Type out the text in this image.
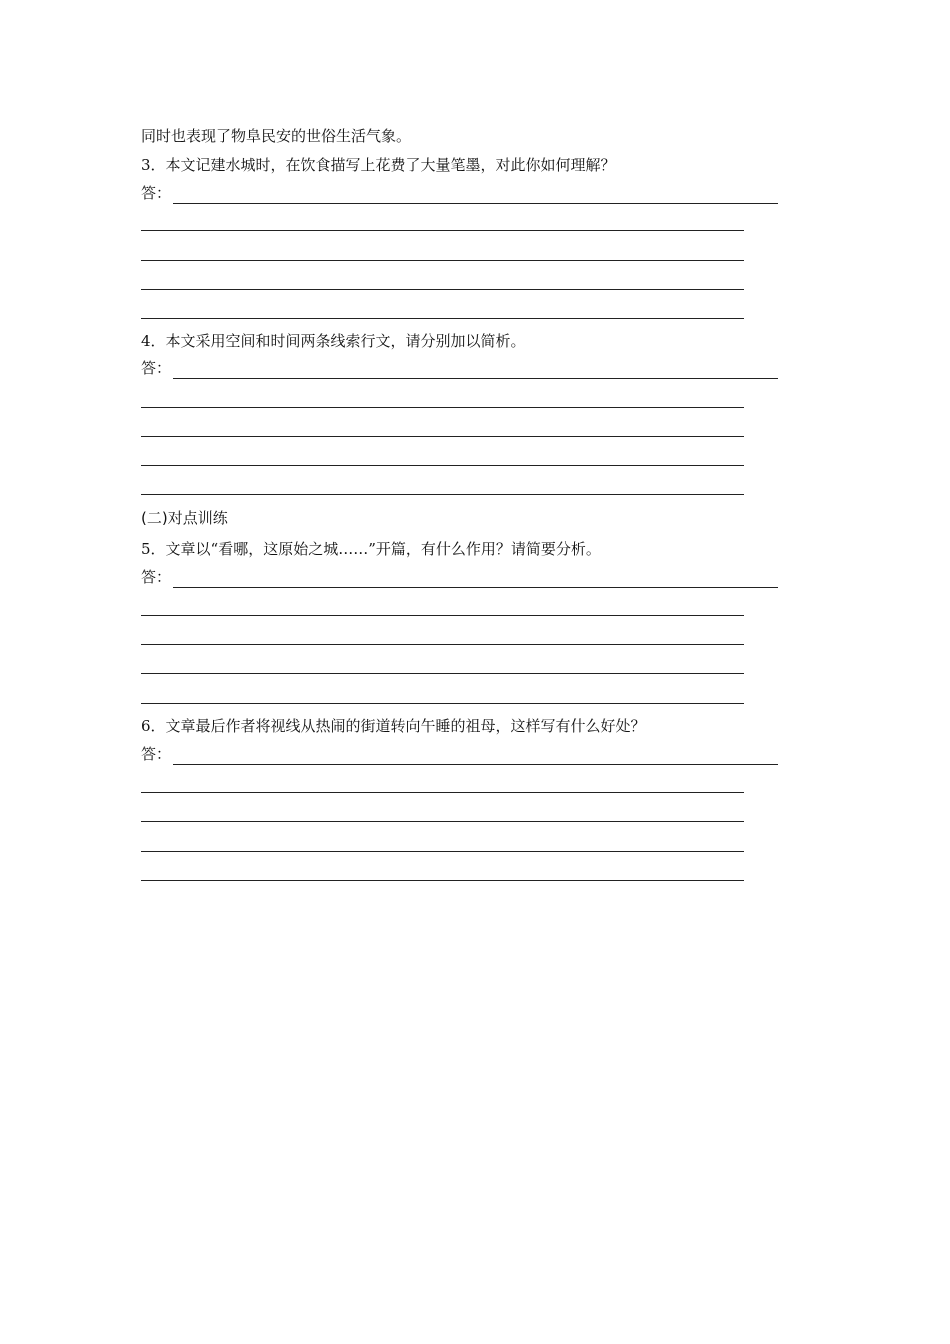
同时也表现了物阜民安的世俗生活气象。
3．本文记建水城时，在饮食描写上花费了大量笔墨，对此你如何理解？
答：
4．本文采用空间和时间两条线索行文，请分别加以简析。
答：
(二)对点训练
5．文章以“看哪，这原始之城……”开篇，有什么作用？请简要分析。
答：
6．文章最后作者将视线从热闹的街道转向午睡的祖母，这样写有什么好处？
答：
